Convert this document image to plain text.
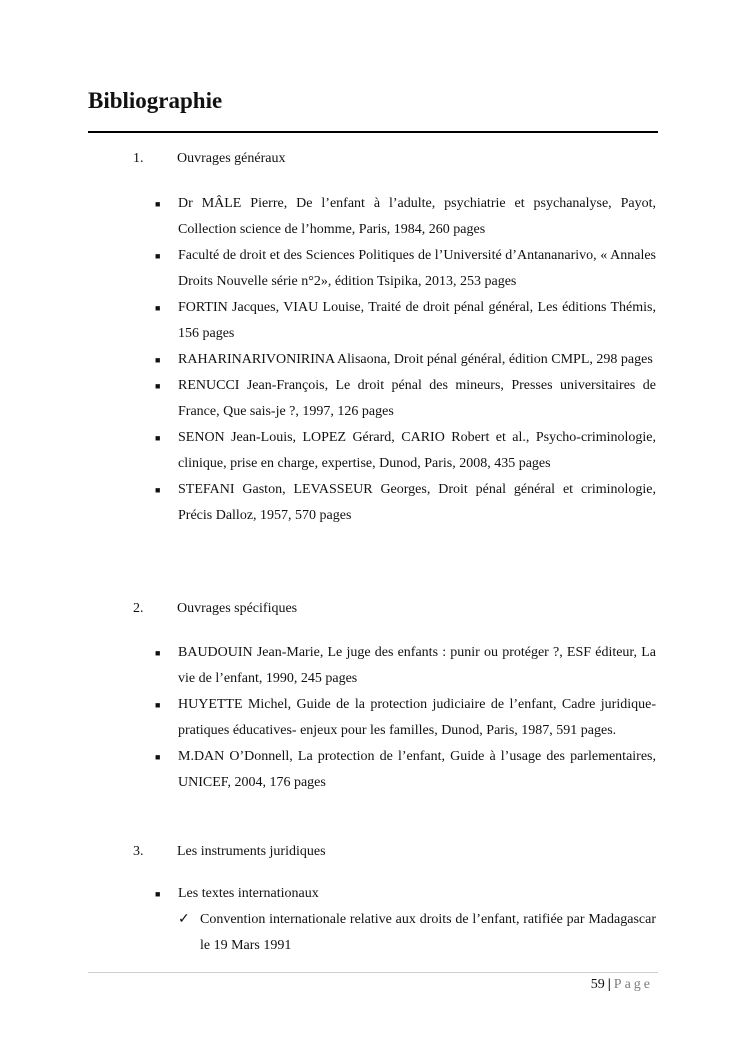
Bibliographie
1. Ouvrages généraux
■ Dr MÂLE Pierre, De l’enfant à l’adulte, psychiatrie et psychanalyse, Payot, Collection science de l’homme, Paris, 1984, 260 pages
■ Faculté de droit et des Sciences Politiques de l’Université d’Antananarivo, « Annales Droits Nouvelle série n°2», édition Tsipika, 2013, 253 pages
■ FORTIN Jacques, VIAU Louise, Traité de droit pénal général, Les éditions Thémis, 156 pages
■ RAHARINARIVONIRINA Alisaona, Droit pénal général, édition CMPL, 298 pages
■ RENUCCI Jean-François, Le droit pénal des mineurs, Presses universitaires de France, Que sais-je ?, 1997, 126 pages
■ SENON Jean-Louis, LOPEZ Gérard, CARIO Robert et al., Psycho-criminologie, clinique, prise en charge, expertise, Dunod, Paris, 2008, 435 pages
■ STEFANI Gaston, LEVASSEUR Georges, Droit pénal général et criminologie, Précis Dalloz, 1957, 570 pages
2. Ouvrages spécifiques
■ BAUDOUIN Jean-Marie, Le juge des enfants : punir ou protéger ?, ESF éditeur, La vie de l’enfant, 1990, 245 pages
■ HUYETTE Michel, Guide de la protection judiciaire de l’enfant, Cadre juridique- pratiques éducatives- enjeux pour les familles, Dunod, Paris, 1987, 591 pages.
■ M.DAN O’Donnell, La protection de l’enfant, Guide à l’usage des parlementaires, UNICEF, 2004, 176 pages
3. Les instruments juridiques
■ Les textes internationaux
✓ Convention internationale relative aux droits de l’enfant, ratifiée par Madagascar le 19 Mars 1991
59 | Page
